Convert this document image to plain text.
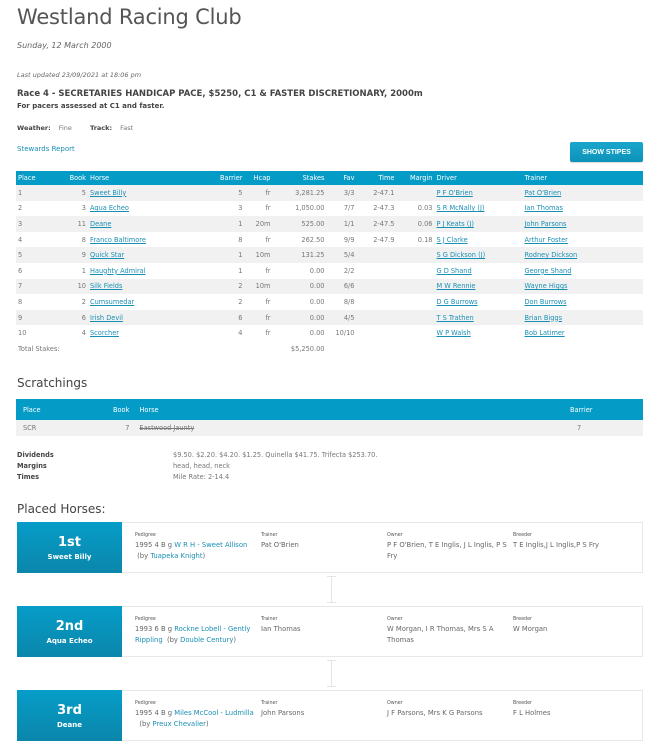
Westland Racing Club
Sunday, 12 March 2000
Last updated 23/09/2021 at 18:06 pm
Race 4 - SECRETARIES HANDICAP PACE, $5250, C1 & FASTER DISCRETIONARY, 2000m
For pacers assessed at C1 and faster.
Weather: Fine	Track: Fast
Stewards Report	SHOW STIPES
Place	Book	Horse	Barrier	Hcap	Stakes	Fav	Time	Margin	Driver	Trainer
1	5	Sweet Billy	5	fr	3,281.25	3/3	2-47.1		P F O'Brien	Pat O'Brien
2	3	Aqua Echeo	3	fr	1,050.00	7/7	2-47.3	0.03	S R McNally (J)	Ian Thomas
3	11	Deane	1	20m	525.00	1/1	2-47.5	0.06	P J Keats (J)	John Parsons
4	8	Franco Baltimore	8	fr	262.50	9/9	2-47.9	0.18	S J Clarke	Arthur Foster
5	9	Quick Star	1	10m	131.25	5/4			S G Dickson (J)	Rodney Dickson
6	1	Haughty Admiral	1	fr	0.00	2/2			G D Shand	George Shand
7	10	Silk Fields	2	10m	0.00	6/6			M W Rennie	Wayne Higgs
8	2	Cumsumedar	2	fr	0.00	8/8			D G Burrows	Don Burrows
9	6	Irish Devil	6	fr	0.00	4/5			T S Trathen	Brian Biggs
10	4	Scorcher	4	fr	0.00	10/10			W P Walsh	Bob Latimer
Total Stakes:					$5,250.00					
Scratchings
Place	Book	Horse	Barrier
SCR	7	Eastwood Jaunty	7
Dividends	$9.50. $2.20. $4.20. $1.25. Quinella $41.75. Trifecta $253.70.
Margins	head, head, neck
Times	Mile Rate: 2-14.4
Placed Horses:
1st
Sweet Billy
Pedigree
1995 4 B g W R H - Sweet Allison (by Tuapeka Knight)
Trainer
Pat O'Brien
Owner
P F O'Brien, T E Inglis, J L Inglis, P S Fry
Breeder
T E Inglis,J L Inglis,P S Fry
2nd
Aqua Echeo
Pedigree
1993 6 B g Rockne Lobell - Gently Rippling  (by Double Century)
Trainer
Ian Thomas
Owner
W Morgan, I R Thomas, Mrs S A Thomas
Breeder
W Morgan
3rd
Deane
Pedigree
1995 4 B g Miles McCool - Ludmilla  (by Preux Chevalier)
Trainer
John Parsons
Owner
J F Parsons, Mrs K G Parsons
Breeder
F L Holmes
